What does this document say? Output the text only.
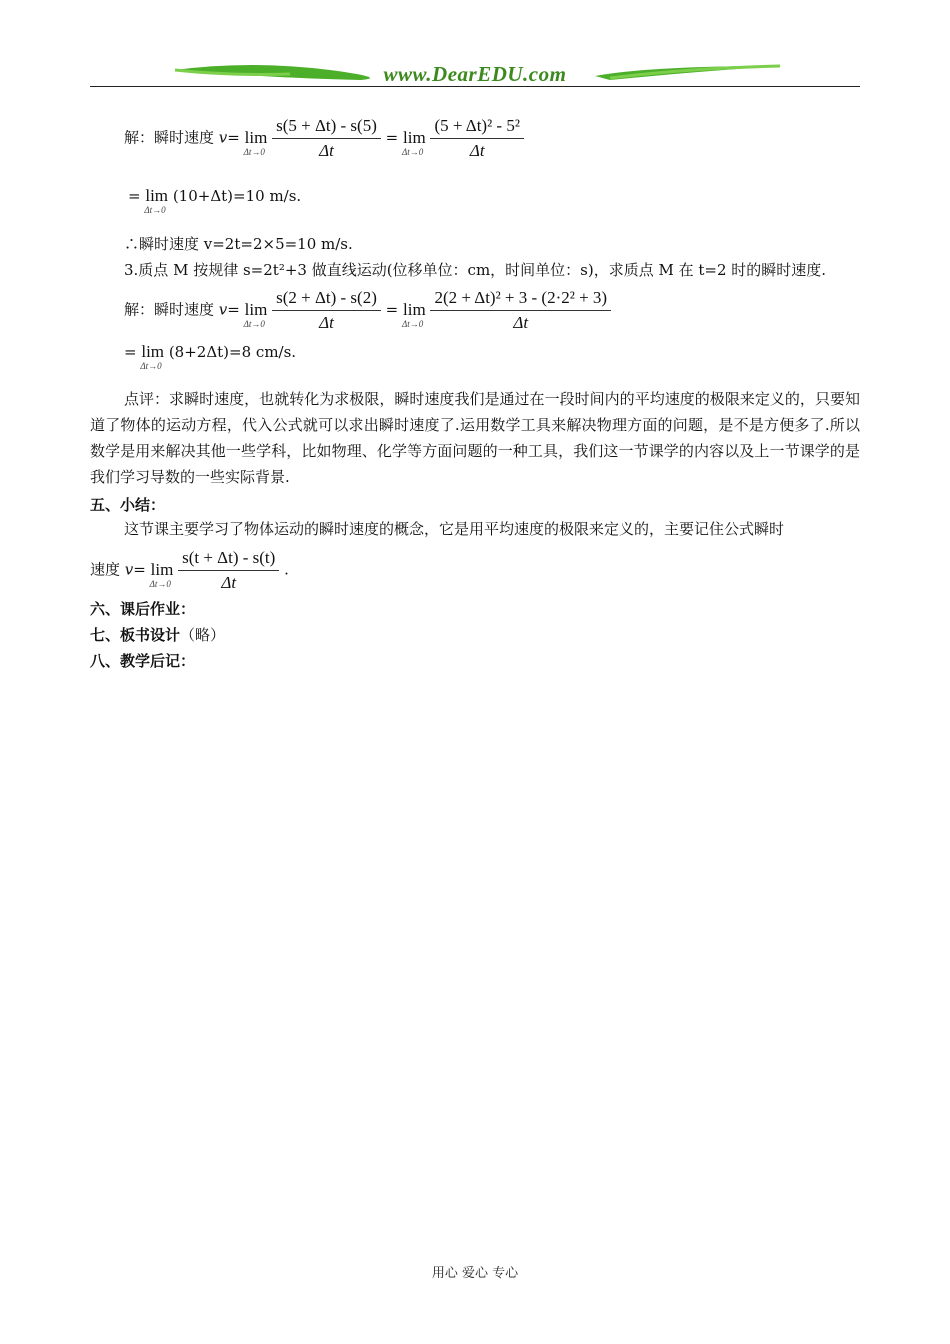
www.DearEDU.com
解：瞬时速度 v= lim
Δt→0
$\frac{s(5 + \Delta t) - s(5)}{\Delta t} = \lim$
Δt→0
$\frac{\text{(5 + Δt)² - 5²}}{\Delta t}$
= lim
Δt→0
(10+Δt)=10 m/s.
∴瞬时速度 v=2t=2×5=10 m/s.
3.质点 M 按规律 s=2t²+3 做直线运动(位移单位：cm，时间单位：s)，求质点 M 在 t=2 时的瞬时速度.
解：瞬时速度 v= lim
Δt→0
$\frac{s(2 + \Delta t) - s(2)}{\Delta t} = \lim$
Δt→0
$\frac{\text{2(2 + Δt)² + 3 - (2·2² + 3)}}{\Delta t}$
= lim
Δt→0
(8+2Δt)=8 cm/s.
点评：求瞬时速度，也就转化为求极限，瞬时速度我们是通过在一段时间内的平均速度的极限来定义的，只要知道了物体的运动方程，代入公式就可以求出瞬时速度了.运用数学工具来解决物理方面的问题，是不是方便多了.所以数学是用来解决其他一些学科，比如物理、化学等方面问题的一种工具，我们这一节课学的内容以及上一节课学的是我们学习导数的一些实际背景.
五、小结：
这节课主要学习了物体运动的瞬时速度的概念，它是用平均速度的极限来定义的，主要记住公式瞬时
速度 v= lim
Δt→0
$\frac{s(t + \Delta t) - s(t)}{\Delta t}$ .
六、课后作业：
七、板书设计（略）
八、教学后记：
用心 爱心 专心
